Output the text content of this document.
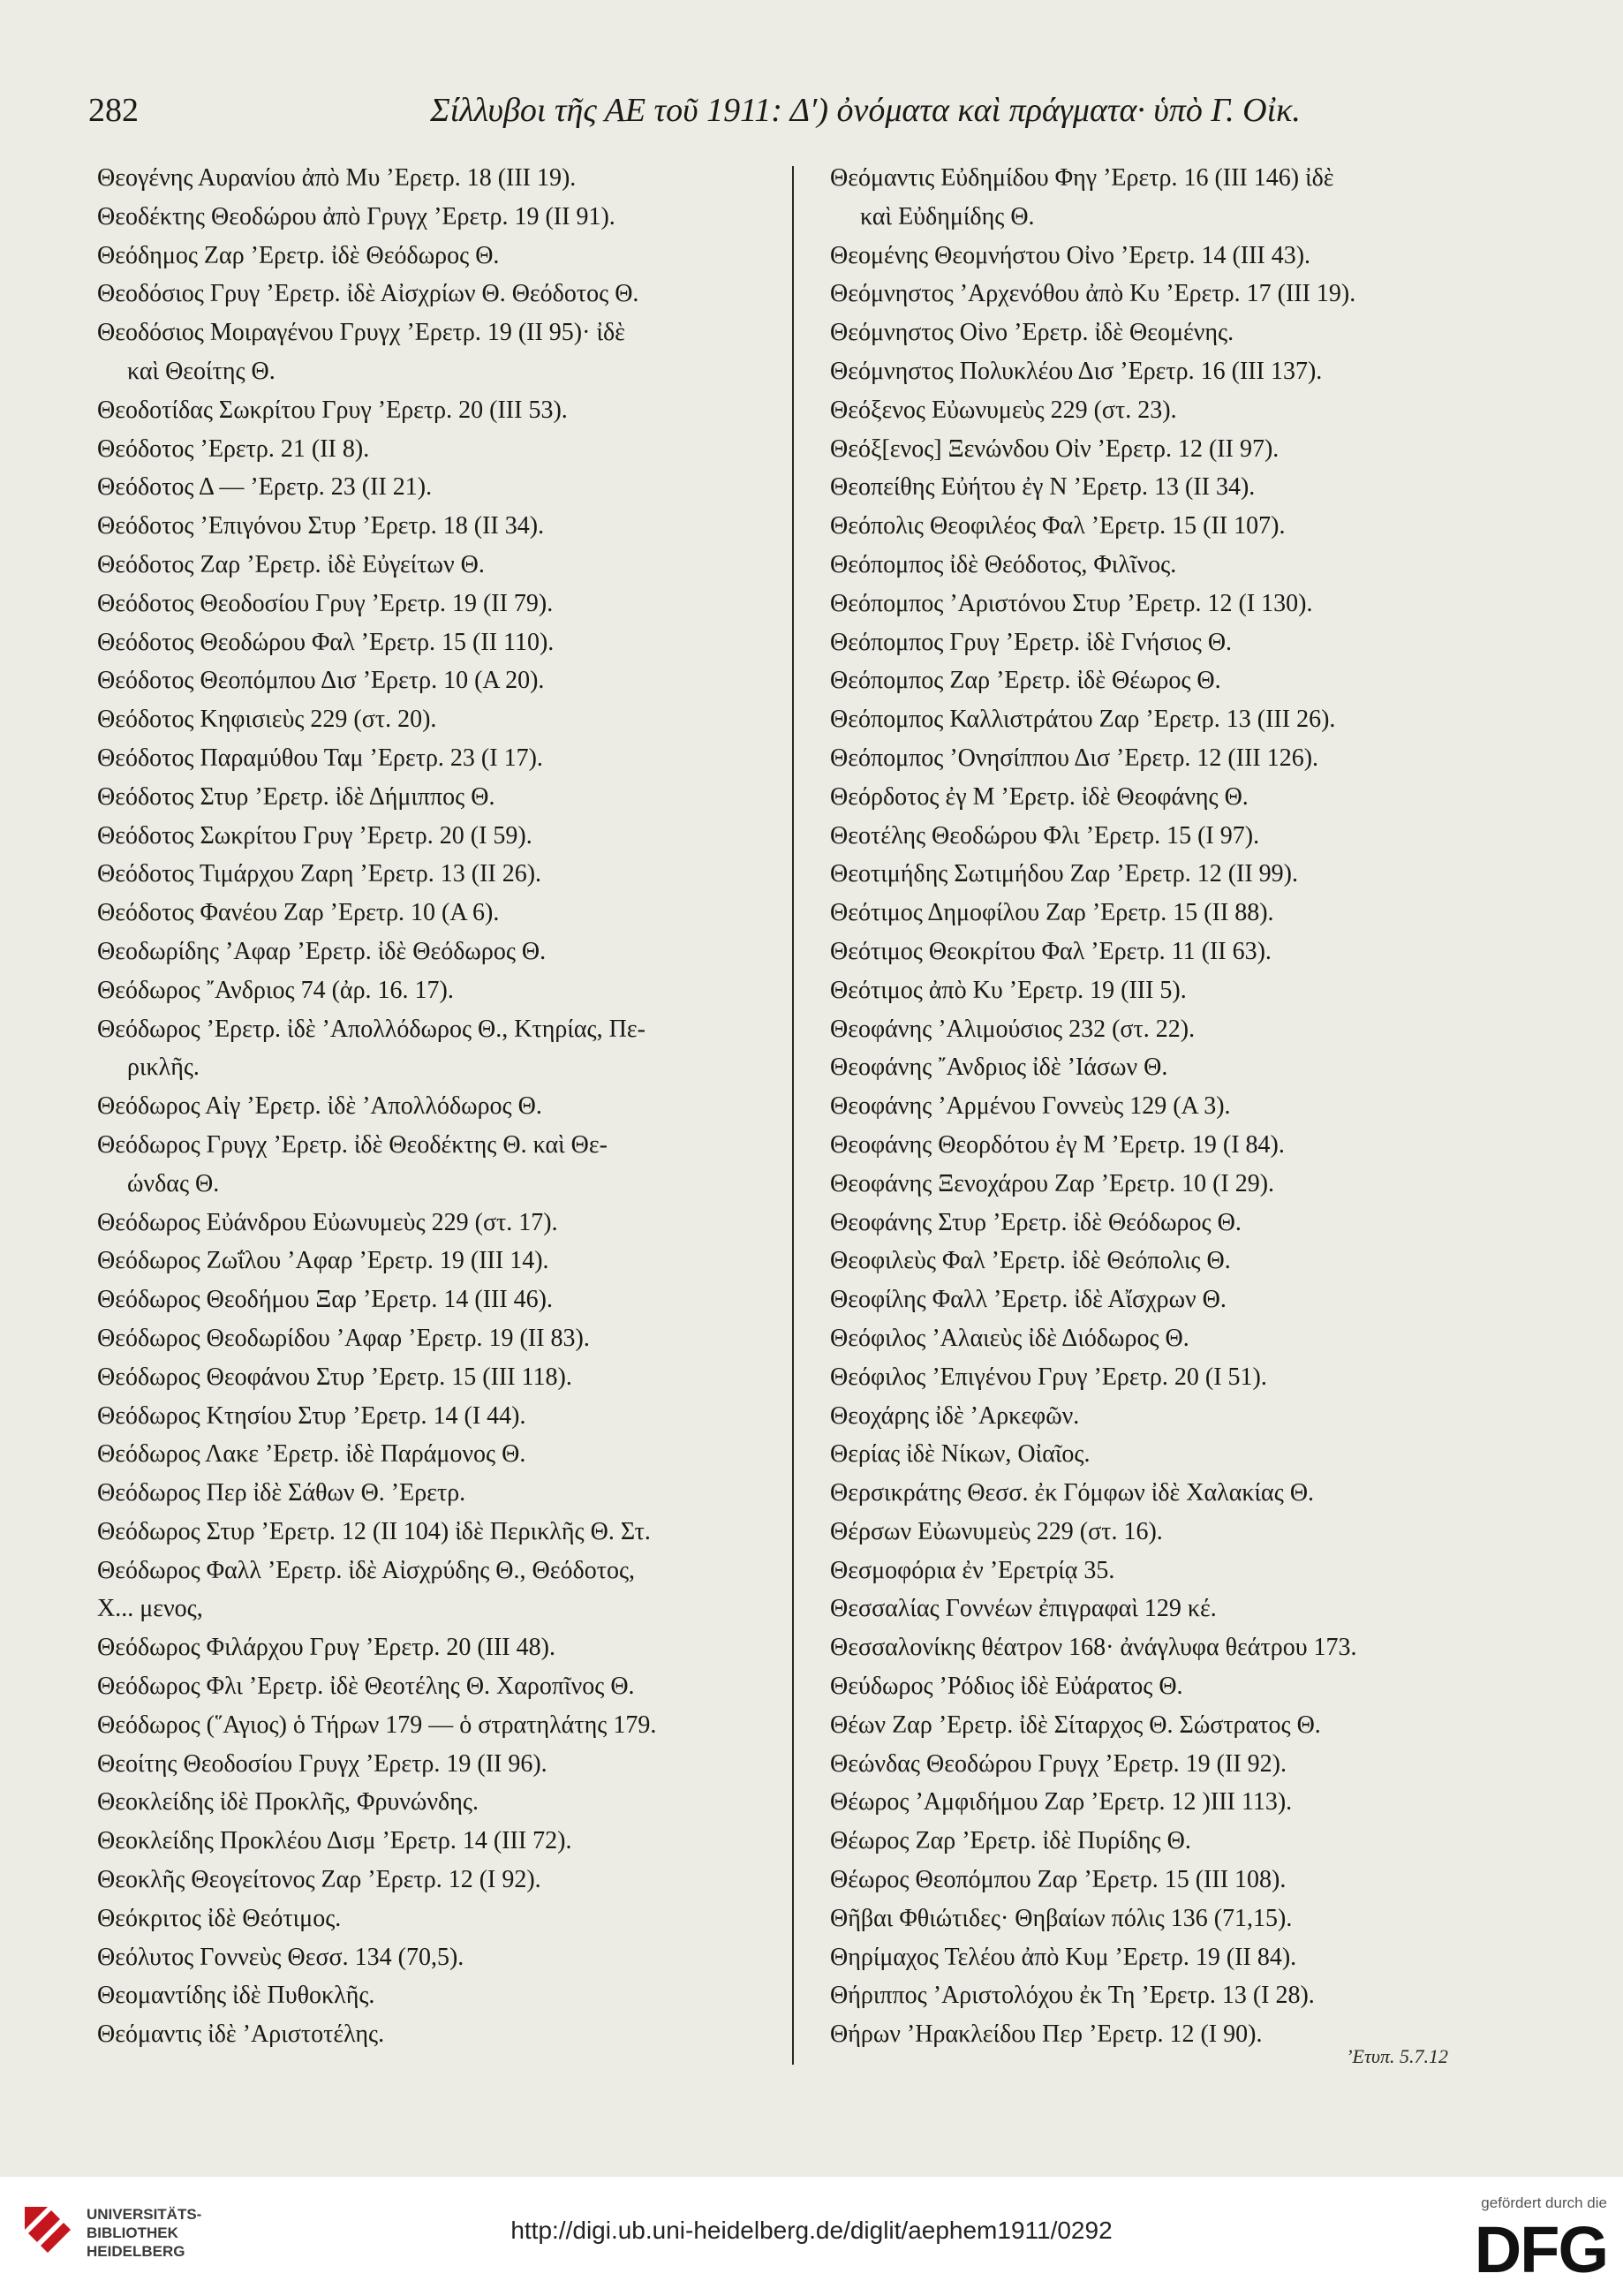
282	Σίλλυβοι τῆς ΑΕ τοῦ 1911: Δ′) ὀνόματα καὶ πράγματα· ὑπὸ Γ. Οἰκ.
Θεογένης Αυρανίου ἀπὸ Μυ ’Ερετρ. 18 (III 19).
Θεοδέκτης Θεοδώρου ἀπὸ Γρυγχ ’Ερετρ. 19 (II 91).
Θεόδημος Ζαρ ’Ερετρ. ἰδὲ Θεόδωρος Θ.
Θεοδόσιος Γρυγ ’Ερετρ. ἰδὲ Αἰσχρίων Θ. Θεόδοτος Θ.
Θεοδόσιος Μοιραγένου Γρυγχ ’Ερετρ. 19 (II 95)· ἰδὲ
καὶ Θεοίτης Θ.
Θεοδοτίδας Σωκρίτου Γρυγ ’Ερετρ. 20 (III 53).
Θεόδοτος ’Ερετρ. 21 (II 8).
Θεόδοτος Δ — ’Ερετρ. 23 (II 21).
Θεόδοτος ’Επιγόνου Στυρ ’Ερετρ. 18 (II 34).
Θεόδοτος Ζαρ ’Ερετρ. ἰδὲ Εὐγείτων Θ.
Θεόδοτος Θεοδοσίου Γρυγ ’Ερετρ. 19 (II 79).
Θεόδοτος Θεοδώρου Φαλ ’Ερετρ. 15 (II 110).
Θεόδοτος Θεοπόμπου Δισ ’Ερετρ. 10 (Α 20).
Θεόδοτος Κηφισιεὺς 229 (στ. 20).
Θεόδοτος Παραμύθου Ταμ ’Ερετρ. 23 (I 17).
Θεόδοτος Στυρ ’Ερετρ. ἰδὲ Δήμιππος Θ.
Θεόδοτος Σωκρίτου Γρυγ ’Ερετρ. 20 (I 59).
Θεόδοτος Τιμάρχου Ζαρη ’Ερετρ. 13 (II 26).
Θεόδοτος Φανέου Ζαρ ’Ερετρ. 10 (Α 6).
Θεοδωρίδης ’Αφαρ ’Ερετρ. ἰδὲ Θεόδωρος Θ.
Θεόδωρος ῎Ανδριος 74 (ἀρ. 16. 17).
Θεόδωρος ’Ερετρ. ἰδὲ ’Απολλόδωρος Θ., Κτηρίας, Πε-
ρικλῆς.
Θεόδωρος Αἰγ ’Ερετρ. ἰδὲ ’Απολλόδωρος Θ.
Θεόδωρος Γρυγχ ’Ερετρ. ἰδὲ Θεοδέκτης Θ. καὶ Θε-
ώνδας Θ.
Θεόδωρος Εὐάνδρου Εὐωνυμεὺς 229 (στ. 17).
Θεόδωρος Ζωΐλου ’Αφαρ ’Ερετρ. 19 (III 14).
Θεόδωρος Θεοδήμου Ξαρ ’Ερετρ. 14 (III 46).
Θεόδωρος Θεοδωρίδου ’Αφαρ ’Ερετρ. 19 (II 83).
Θεόδωρος Θεοφάνου Στυρ ’Ερετρ. 15 (III 118).
Θεόδωρος Κτησίου Στυρ ’Ερετρ. 14 (I 44).
Θεόδωρος Λακε ’Ερετρ. ἰδὲ Παράμονος Θ.
Θεόδωρος Περ ἰδὲ Σάθων Θ. ’Ερετρ.
Θεόδωρος Στυρ ’Ερετρ. 12 (II 104) ἰδὲ Περικλῆς Θ. Στ.
Θεόδωρος Φαλλ ’Ερετρ. ἰδὲ Αἰσχρύδης Θ., Θεόδοτος,
Χ... μενος,
Θεόδωρος Φιλάρχου Γρυγ ’Ερετρ. 20 (III 48).
Θεόδωρος Φλι ’Ερετρ. ἰδὲ Θεοτέλης Θ. Χαροπῖνος Θ.
Θεόδωρος (῞Αγιος) ὁ Τήρων 179 — ὁ στρατηλάτης 179.
Θεοίτης Θεοδοσίου Γρυγχ ’Ερετρ. 19 (II 96).
Θεοκλείδης ἰδὲ Προκλῆς, Φρυνώνδης.
Θεοκλείδης Προκλέου Δισμ ’Ερετρ. 14 (III 72).
Θεοκλῆς Θεογείτονος Ζαρ ’Ερετρ. 12 (I 92).
Θεόκριτος ἰδὲ Θεότιμος.
Θεόλυτος Γοννεὺς Θεσσ. 134 (70,5).
Θεομαντίδης ἰδὲ Πυθοκλῆς.
Θεόμαντις ἰδὲ ’Αριστοτέλης.
Θεόμαντις Εὐδημίδου Φηγ ’Ερετρ. 16 (III 146) ἰδὲ
καὶ Εὐδημίδης Θ.
Θεομένης Θεομνήστου Οἰνο ’Ερετρ. 14 (III 43).
Θεόμνηστος ’Αρχενόθου ἀπὸ Κυ ’Ερετρ. 17 (III 19).
Θεόμνηστος Οἰνο ’Ερετρ. ἰδὲ Θεομένης.
Θεόμνηστος Πολυκλέου Δισ ’Ερετρ. 16 (III 137).
Θεόξενος Εὐωνυμεὺς 229 (στ. 23).
Θεόξ[ενος] Ξενώνδου Οἰν ’Ερετρ. 12 (II 97).
Θεοπείθης Εὐήτου ἐγ Ν ’Ερετρ. 13 (II 34).
Θεόπολις Θεοφιλέος Φαλ ’Ερετρ. 15 (II 107).
Θεόπομπος ἰδὲ Θεόδοτος, Φιλῖνος.
Θεόπομπος ’Αριστόνου Στυρ ’Ερετρ. 12 (I 130).
Θεόπομπος Γρυγ ’Ερετρ. ἰδὲ Γνήσιος Θ.
Θεόπομπος Ζαρ ’Ερετρ. ἰδὲ Θέωρος Θ.
Θεόπομπος Καλλιστράτου Ζαρ ’Ερετρ. 13 (III 26).
Θεόπομπος ’Ονησίππου Δισ ’Ερετρ. 12 (III 126).
Θεόρδοτος ἐγ Μ ’Ερετρ. ἰδὲ Θεοφάνης Θ.
Θεοτέλης Θεοδώρου Φλι ’Ερετρ. 15 (I 97).
Θεοτιμήδης Σωτιμήδου Ζαρ ’Ερετρ. 12 (II 99).
Θεότιμος Δημοφίλου Ζαρ ’Ερετρ. 15 (II 88).
Θεότιμος Θεοκρίτου Φαλ ’Ερετρ. 11 (II 63).
Θεότιμος ἀπὸ Κυ ’Ερετρ. 19 (III 5).
Θεοφάνης ’Αλιμούσιος 232 (στ. 22).
Θεοφάνης ῎Ανδριος ἰδὲ ’Ιάσων Θ.
Θεοφάνης ’Αρμένου Γοννεὺς 129 (Α 3).
Θεοφάνης Θεορδότου ἐγ Μ ’Ερετρ. 19 (I 84).
Θεοφάνης Ξενοχάρου Ζαρ ’Ερετρ. 10 (I 29).
Θεοφάνης Στυρ ’Ερετρ. ἰδὲ Θεόδωρος Θ.
Θεοφιλεὺς Φαλ ’Ερετρ. ἰδὲ Θεόπολις Θ.
Θεοφίλης Φαλλ ’Ερετρ. ἰδὲ Αἴσχρων Θ.
Θεόφιλος ’Αλαιεὺς ἰδὲ Διόδωρος Θ.
Θεόφιλος ’Επιγένου Γρυγ ’Ερετρ. 20 (I 51).
Θεοχάρης ἰδὲ ’Αρκεφῶν.
Θερίας ἰδὲ Νίκων, Οἰαῖος.
Θερσικράτης Θεσσ. ἐκ Γόμφων ἰδὲ Χαλακίας Θ.
Θέρσων Εὐωνυμεὺς 229 (στ. 16).
Θεσμοφόρια ἐν ’Ερετρίᾳ 35.
Θεσσαλίας Γοννέων ἐπιγραφαὶ 129 κέ.
Θεσσαλονίκης θέατρον 168· ἀνάγλυφα θεάτρου 173.
Θεύδωρος ’Ρόδιος ἰδὲ Εὐάρατος Θ.
Θέων Ζαρ ’Ερετρ. ἰδὲ Σίταρχος Θ. Σώστρατος Θ.
Θεώνδας Θεοδώρου Γρυγχ ’Ερετρ. 19 (II 92).
Θέωρος ’Αμφιδήμου Ζαρ ’Ερετρ. 12 )III 113).
Θέωρος Ζαρ ’Ερετρ. ἰδὲ Πυρίδης Θ.
Θέωρος Θεοπόμπου Ζαρ ’Ερετρ. 15 (III 108).
Θῆβαι Φθιώτιδες· Θηβαίων πόλις 136 (71,15).
Θηρίμαχος Τελέου ἀπὸ Κυμ ’Ερετρ. 19 (II 84).
Θήριππος ’Αριστολόχου ἐκ Τη ’Ερετρ. 13 (I 28).
Θήρων ’Ηρακλείδου Περ ’Ερετρ. 12 (I 90).
’Ετυπ. 5.7.12
UNIVERSITÄTS-
BIBLIOTHEK
HEIDELBERG
http://digi.ub.uni-heidelberg.de/diglit/aephem1911/0292
gefördert durch die
DFG
